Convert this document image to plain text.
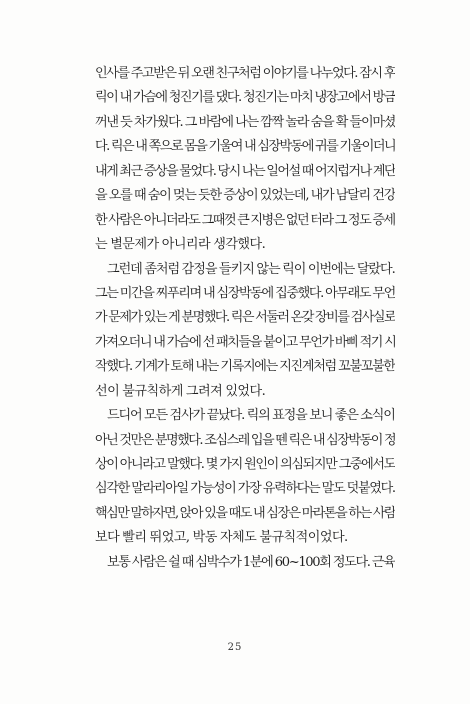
인사를 주고받은 뒤 오랜 친구처럼 이야기를 나누었다. 잠시 후
릭이 내 가슴에 청진기를 댔다. 청진기는 마치 냉장고에서 방금
꺼낸 듯 차가웠다. 그 바람에 나는 깜짝 놀라 숨을 확 들이마셨
다. 릭은 내 쪽으로 몸을 기울여 내 심장박동에 귀를 기울이더니
내게 최근 증상을 물었다. 당시 나는 일어설 때 어지럽거나 계단
을 오를 때 숨이 멎는 듯한 증상이 있었는데, 내가 남달리 건강
한 사람은 아니더라도 그때껏 큰 지병은 없던 터라 그 정도 증세
는 별문제가 아니리라 생각했다.
그런데 좀처럼 감정을 들키지 않는 릭이 이번에는 달랐다.
그는 미간을 찌푸리며 내 심장박동에 집중했다. 아무래도 무언
가 문제가 있는 게 분명했다. 릭은 서둘러 온갖 장비를 검사실로
가져오더니 내 가슴에 선 패치들을 붙이고 무언가 바삐 적기 시
작했다. 기계가 토해 내는 기록지에는 지진계처럼 꼬불꼬불한
선이 불규칙하게 그려져 있었다.
드디어 모든 검사가 끝났다. 릭의 표정을 보니 좋은 소식이
아닌 것만은 분명했다. 조심스레 입을 뗀 릭은 내 심장박동이 정
상이 아니라고 말했다. 몇 가지 원인이 의심되지만 그중에서도
심각한 말라리아일 가능성이 가장 유력하다는 말도 덧붙였다.
핵심만 말하자면, 앉아 있을 때도 내 심장은 마라톤을 하는 사람
보다 빨리 뛰었고, 박동 자체도 불규칙적이었다.
보통 사람은 쉴 때 심박수가 1분에 60~100회 정도다. 근육
25
